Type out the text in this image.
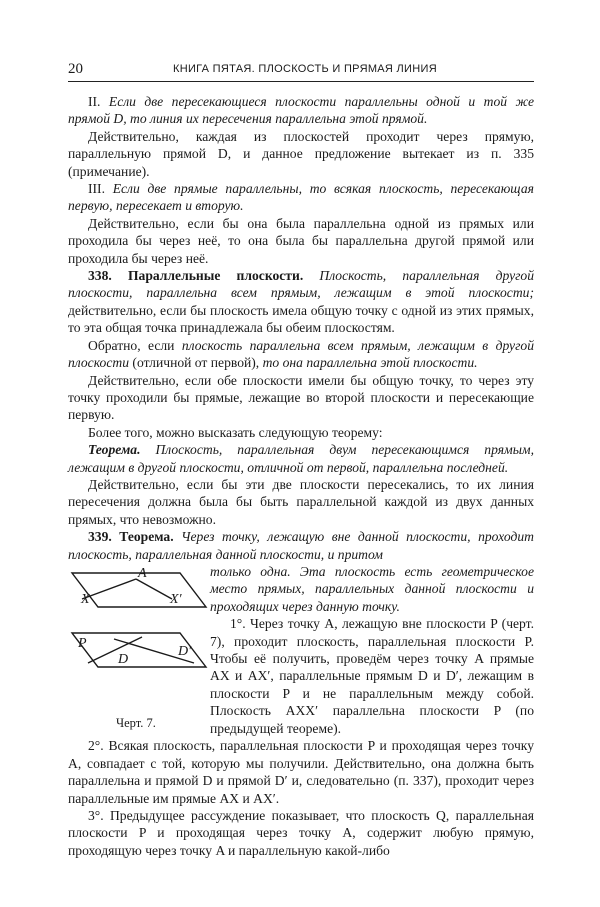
20	КНИГА ПЯТАЯ. ПЛОСКОСТЬ И ПРЯМАЯ ЛИНИЯ

II. Если две пересекающиеся плоскости параллельны одной и той же прямой D, то линия их пересечения параллельна этой прямой.

Действительно, каждая из плоскостей проходит через прямую, параллельную прямой D, и данное предложение вытекает из п. 335 (примечание).

III. Если две прямые параллельны, то всякая плоскость, пересекающая первую, пересекает и вторую.

Действительно, если бы она была параллельна одной из прямых или проходила бы через неё, то она была бы параллельна другой прямой или проходила бы через неё.

338. Параллельные плоскости. Плоскость, параллельная другой плоскости, параллельна всем прямым, лежащим в этой плоскости; действительно, если бы плоскость имела общую точку с одной из этих прямых, то эта общая точка принадлежала бы обеим плоскостям.

Обратно, если плоскость параллельна всем прямым, лежащим в другой плоскости (отличной от первой), то она параллельна этой плоскости.

Действительно, если обе плоскости имели бы общую точку, то через эту точку проходили бы прямые, лежащие во второй плоскости и пересекающие первую.

Более того, можно высказать следующую теорему:

Теорема. Плоскость, параллельная двум пересекающимся прямым, лежащим в другой плоскости, отличной от первой, параллельна последней.

Действительно, если бы эти две плоскости пересекались, то их линия пересечения должна была бы быть параллельной каждой из двух данных прямых, что невозможно.

339. Теорема. Через точку, лежащую вне данной плоскости, проходит плоскость, параллельная данной плоскости, и притом

A
X	X′
P
D
D′
Черт. 7.

только одна. Эта плоскость есть геометрическое место прямых, параллельных данной плоскости и проходящих через данную точку.

1°. Через точку A, лежащую вне плоскости P (черт. 7), проходит плоскость, параллельная плоскости P. Чтобы её получить, проведём через точку A прямые AX и AX′, параллельные прямым D и D′, лежащим в плоскости P и не параллельным между собой. Плоскость AXX′ параллельна плоскости P (по предыдущей теореме).

2°. Всякая плоскость, параллельная плоскости P и проходящая через точку A, совпадает с той, которую мы получили. Действительно, она должна быть параллельна и прямой D и прямой D′ и, следовательно (п. 337), проходит через параллельные им прямые AX и AX′.

3°. Предыдущее рассуждение показывает, что плоскость Q, параллельная плоскости P и проходящая через точку A, содержит любую прямую, проходящую через точку A и параллельную какой-либо
